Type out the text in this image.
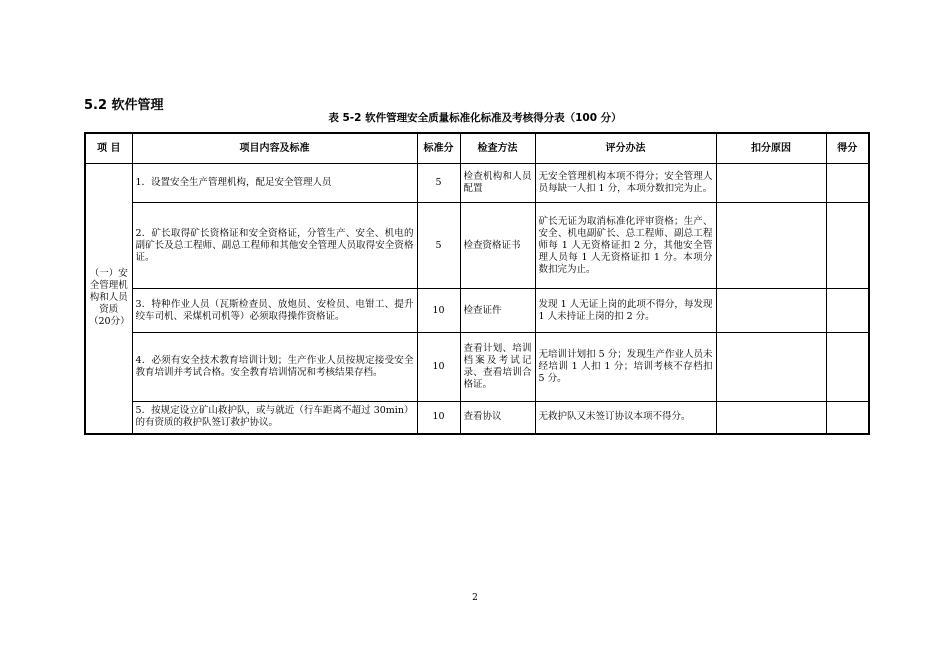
5.2 软件管理
表 5-2 软件管理安全质量标准化标准及考核得分表（100 分）
项 目	项目内容及标准	标准分	检查方法	评分办法	扣分原因	得分
（一）安全管理机构和人员资质（20分）	1．设置安全生产管理机构，配足安全管理人员	5	检查机构和人员配置	无安全管理机构本项不得分；安全管理人员每缺一人扣 1 分，本项分数扣完为止。		
	2．矿长取得矿长资格证和安全资格证，分管生产、安全、机电的副矿长及总工程师、副总工程师和其他安全管理人员取得安全资格证。	5	检查资格证书	矿长无证为取消标准化评审资格；生产、安全、机电副矿长、总工程师、副总工程师每 1 人无资格证扣 2 分，其他安全管理人员每 1 人无资格证扣 1 分。本项分数扣完为止。		
	3．特种作业人员（瓦斯检查员、放炮员、安检员、电钳工、提升绞车司机、采煤机司机等）必须取得操作资格证。	10	检查证件	发现 1 人无证上岗的此项不得分，每发现 1 人未持证上岗的扣 2 分。		
	4．必须有安全技术教育培训计划；生产作业人员按规定接受安全教育培训并考试合格。安全教育培训情况和考核结果存档。	10	查看计划、培训档案及考试记录、查看培训合格证。	无培训计划扣 5 分；发现生产作业人员未经培训 1 人扣 1 分；培训考核不存档扣 5 分。		
	5．按规定设立矿山救护队，或与就近（行车距离不超过 30min）的有资质的救护队签订救护协议。	10	查看协议	无救护队又未签订协议本项不得分。		
2
